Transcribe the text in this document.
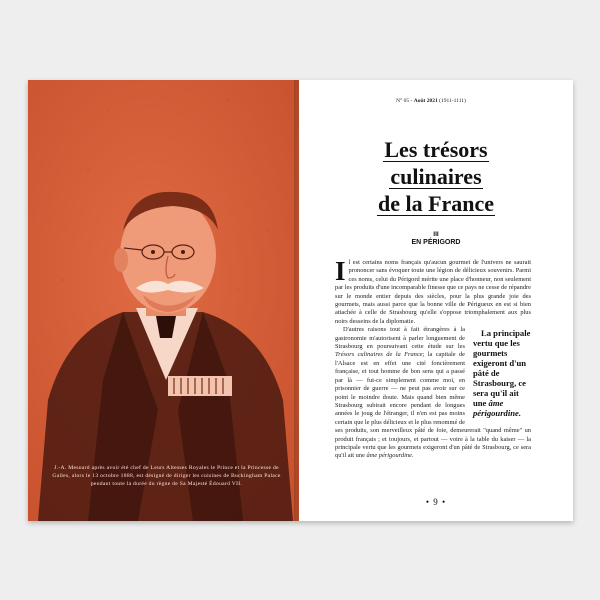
J.-A. Mesnard après avoir été chef de Leurs Altesses Royales le Prince et la Princesse de Galles, alors le 13 octobre 1888, est désigné de diriger les cuisines de Buckingham Palace pendant toute la durée du règne de Sa Majesté Édouard VII.
N° 05 - Août 2021 (1911-1111)
Les trésors
culinaires
de la France
III
EN PÉRIGORD

Il est certains noms français qu'aucun gourmet de l'univers ne saurait prononcer sans évoquer toute une légion de délicieux souvenirs. Parmi ces noms, celui du Périgord mérite une place d'honneur, non seulement par les produits d'une incomparable finesse que ce pays ne cesse de répandre sur le monde entier depuis des siècles, pour la plus grande joie des gourmets, mais aussi parce que la bonne ville de Périgueux en est si bien attachée à celle de Strasbourg qu'elle s'oppose triomphalement aux plus noirs desseins de la diplomatie.

La principale vertu que les gourmets exigeront d'un pâté de Strasbourg, ce sera qu'il ait une âme périgourdine.
D'autres raisons tout à fait étrangères à la gastronomie m'autorisent à parler longuement de Strasbourg en poursuivant cette étude sur les Trésors culinaires de la France; la capitale de l'Alsace est en effet une cité foncièrement française, et tout homme de bon sens qui a passé par là — fut-ce simplement comme moi, en prisonnier de guerre — ne peut pas avoir sur ce point le moindre doute. Mais quand bien même Strasbourg subirait encore pendant de longues années le joug de l'étranger, il n'en est pas moins certain que le plus délicieux et le plus renommé de ses produits, son merveilleux pâté de foie, demeurerait "quand même" un produit français ; et toujours, et partout — voire à la table du kaiser — la principale vertu que les gourmets exigeront d'un pâté de Strasbourg, ce sera qu'il ait une âme périgourdine.

• 9 •
